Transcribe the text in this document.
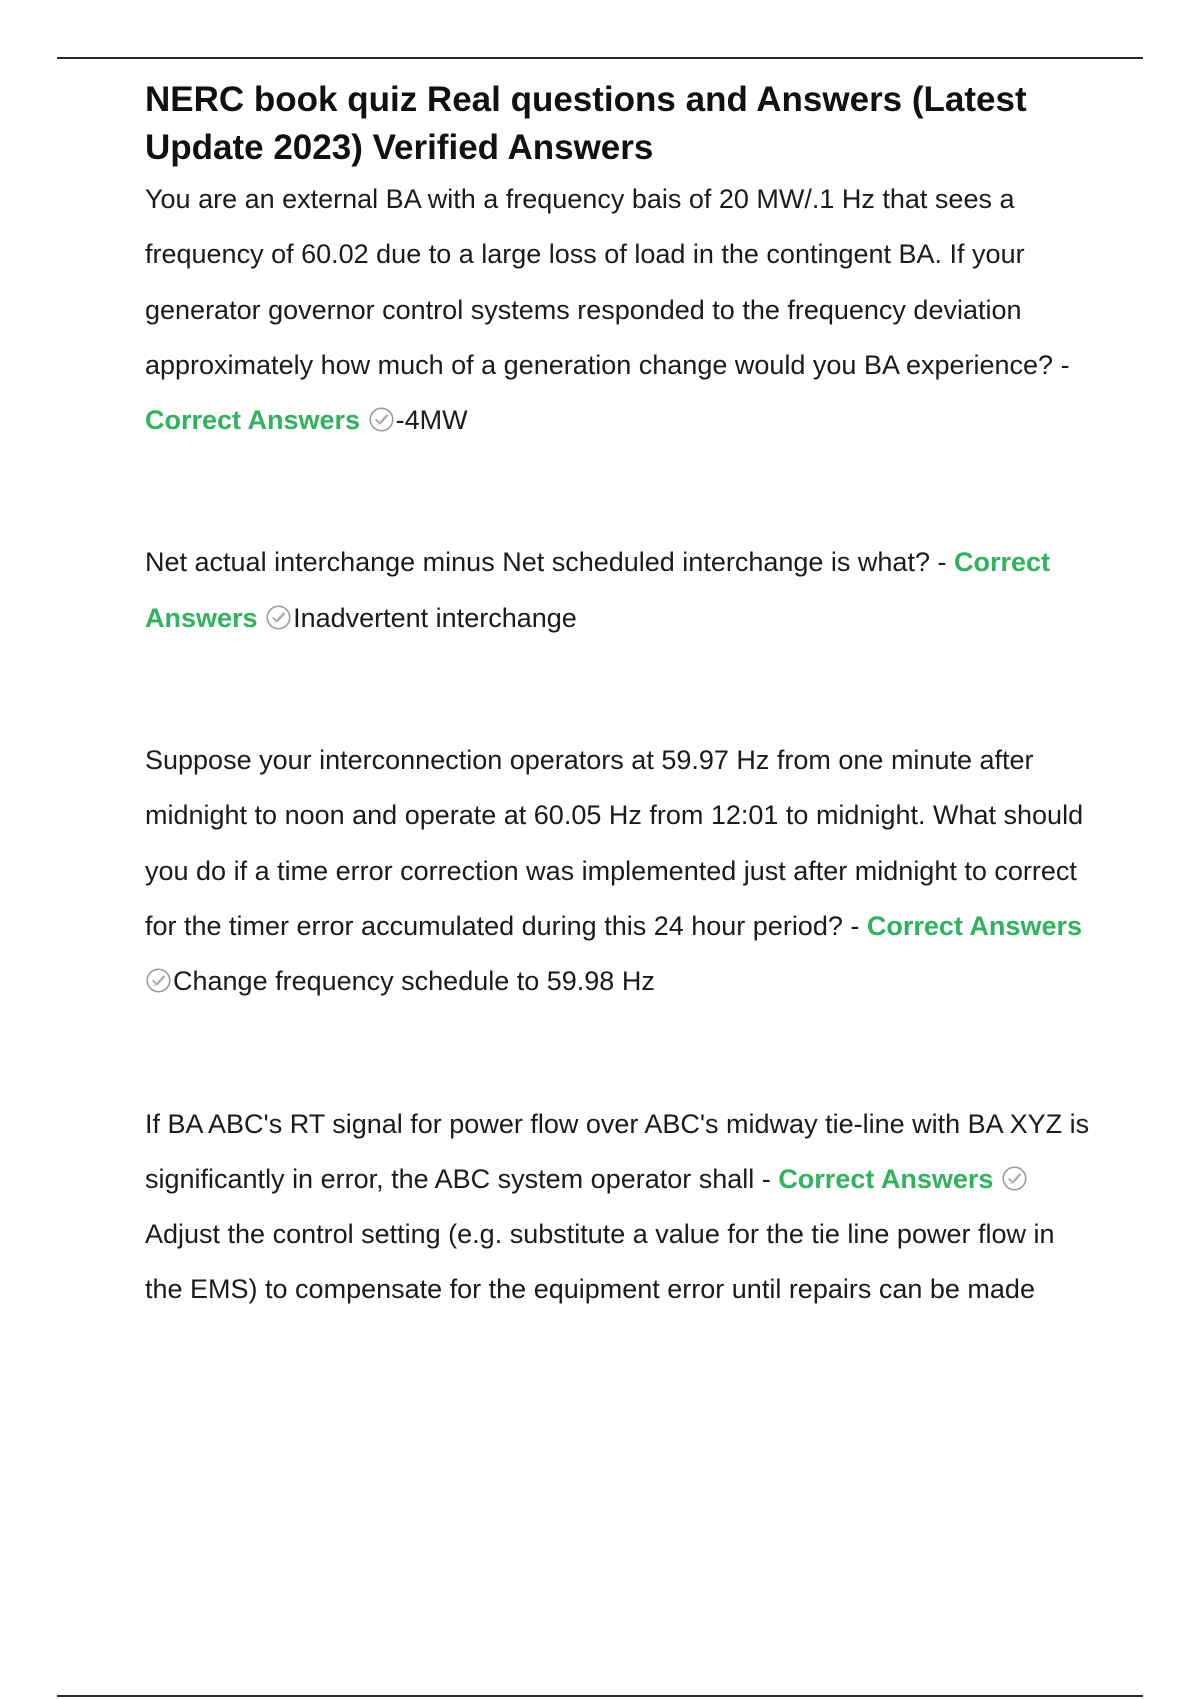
NERC book quiz Real questions and Answers (Latest Update 2023) Verified Answers

You are an external BA with a frequency bais of 20 MW/.1 Hz that sees a frequency of 60.02 due to a large loss of load in the contingent BA. If your generator governor control systems responded to the frequency deviation approximately how much of a generation change would you BA experience? - Correct Answers -4MW

Net actual interchange minus Net scheduled interchange is what? - Correct Answers Inadvertent interchange

Suppose your interconnection operators at 59.97 Hz from one minute after midnight to noon and operate at 60.05 Hz from 12:01 to midnight. What should you do if a time error correction was implemented just after midnight to correct for the timer error accumulated during this 24 hour period? - Correct Answers
Change frequency schedule to 59.98 Hz

If BA ABC's RT signal for power flow over ABC's midway tie-line with BA XYZ is significantly in error, the ABC system operator shall - Correct Answers
Adjust the control setting (e.g. substitute a value for the tie line power flow in the EMS) to compensate for the equipment error until repairs can be made
